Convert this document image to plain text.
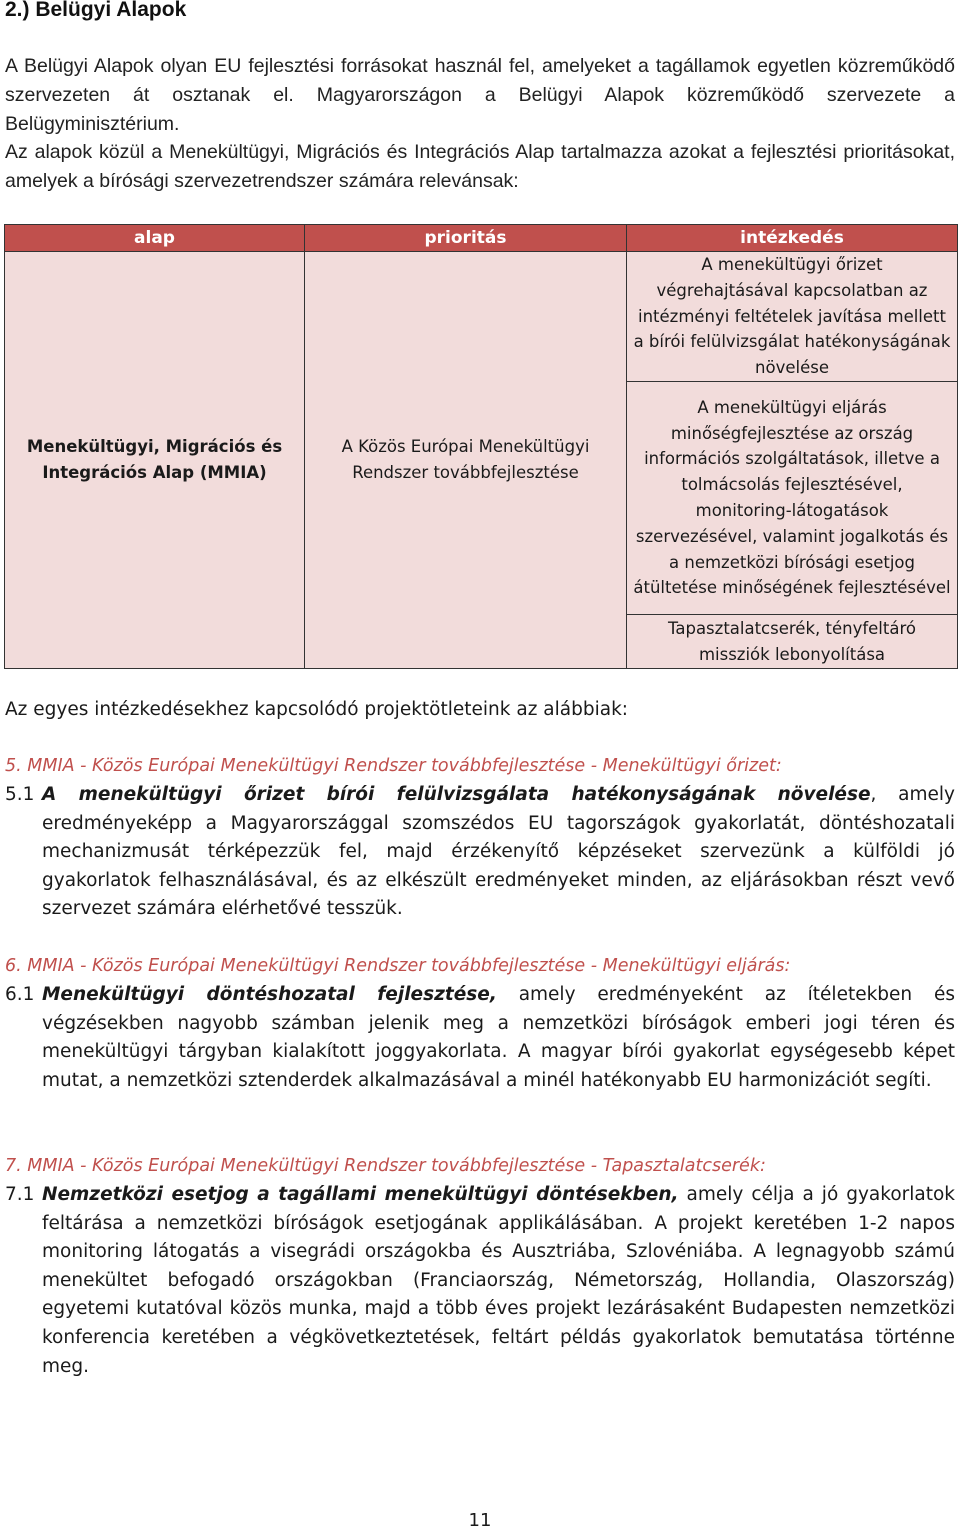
2.) Belügyi Alapok

A Belügyi Alapok olyan EU fejlesztési forrásokat használ fel, amelyeket a tagállamok egyetlen közreműködő szervezeten át osztanak el. Magyarországon a Belügyi Alapok közreműködő szervezete a Belügyminisztérium.

Az alapok közül a Menekültügyi, Migrációs és Integrációs Alap tartalmazza azokat a fejlesztési prioritásokat, amelyek a bírósági szervezetrendszer számára relevánsak:

alap	prioritás	intézkedés
Menekültügyi, Migrációs és Integrációs Alap (MMIA)	A Közös Európai Menekültügyi Rendszer továbbfejlesztése	A menekültügyi őrizet végrehajtásával kapcsolatban az intézményi feltételek javítása mellett a bírói felülvizsgálat hatékonyságának növelése
		A menekültügyi eljárás minőségfejlesztése az ország információs szolgáltatások, illetve a tolmácsolás fejlesztésével, monitoring-látogatások szervezésével, valamint jogalkotás és a nemzetközi bírósági esetjog átültetése minőségének fejlesztésével
		Tapasztalatcserék, tényfeltáró missziók lebonyolítása

Az egyes intézkedésekhez kapcsolódó projektötleteink az alábbiak:

5. MMIA - Közös Európai Menekültügyi Rendszer továbbfejlesztése - Menekültügyi őrizet:

5.1 A menekültügyi őrizet bírói felülvizsgálata hatékonyságának növelése, amely eredményeképp a Magyarországgal szomszédos EU tagországok gyakorlatát, döntéshozatali mechanizmusát térképezzük fel, majd érzékenyítő képzéseket szervezünk a külföldi jó gyakorlatok felhasználásával, és az elkészült eredményeket minden, az eljárásokban részt vevő szervezet számára elérhetővé tesszük.

6. MMIA - Közös Európai Menekültügyi Rendszer továbbfejlesztése - Menekültügyi eljárás:

6.1 Menekültügyi döntéshozatal fejlesztése, amely eredményeként az ítéletekben és végzésekben nagyobb számban jelenik meg a nemzetközi bíróságok emberi jogi téren és menekültügyi tárgyban kialakított joggyakorlata. A magyar bírói gyakorlat egységesebb képet mutat, a nemzetközi sztenderdek alkalmazásával a minél hatékonyabb EU harmonizációt segíti.

7. MMIA - Közös Európai Menekültügyi Rendszer továbbfejlesztése - Tapasztalatcserék:

7.1 Nemzetközi esetjog a tagállami menekültügyi döntésekben, amely célja a jó gyakorlatok feltárása a nemzetközi bíróságok esetjogának applikálásában. A projekt keretében 1-2 napos monitoring látogatás a visegrádi országokba és Ausztriába, Szlovéniába. A legnagyobb számú menekültet befogadó országokban (Franciaország, Németország, Hollandia, Olaszország) egyetemi kutatóval közös munka, majd a több éves projekt lezárásaként Budapesten nemzetközi konferencia keretében a végkövetkeztetések, feltárt példás gyakorlatok bemutatása történne meg.

11
